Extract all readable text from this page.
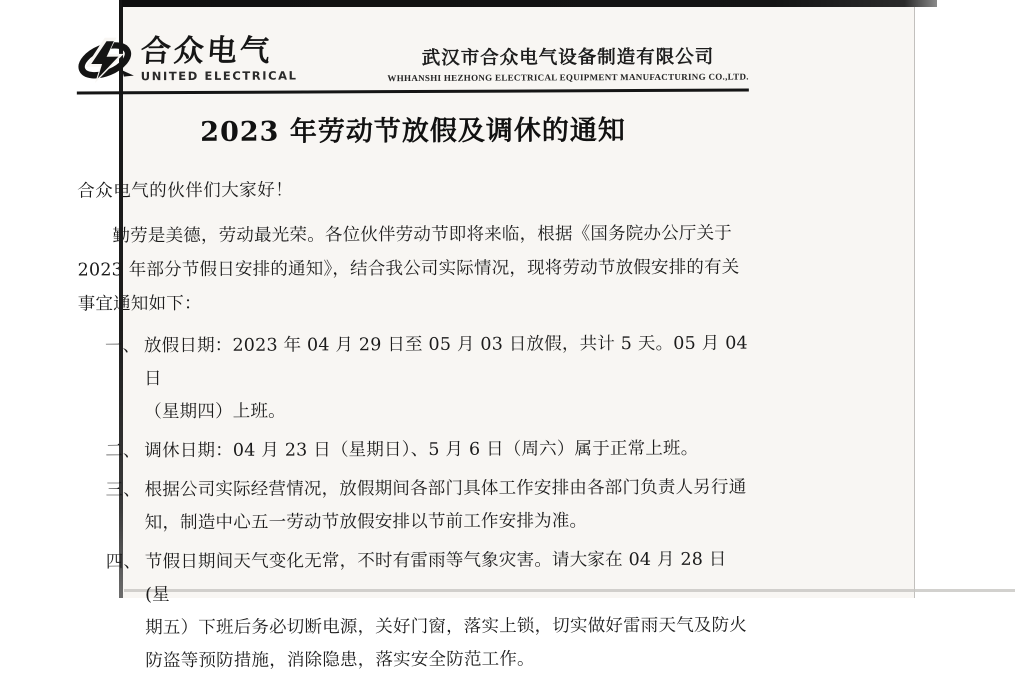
合众电气
UNITED ELECTRICAL
武汉市合众电气设备制造有限公司
WHHANSHI HEZHONG ELECTRICAL EQUIPMENT MANUFACTURING CO.,LTD.
2023 年劳动节放假及调休的通知
合众电气的伙伴们大家好！
勤劳是美德，劳动最光荣。各位伙伴劳动节即将来临，根据《国务院办公厅关于
2023 年部分节假日安排的通知》，结合我公司实际情况，现将劳动节放假安排的有关
事宜通知如下：
一、 放假日期：2023 年 04 月 29 日至 05 月 03 日放假，共计 5 天。05 月 04 日
（星期四）上班。
二、 调休日期：04 月 23 日（星期日）、5 月 6 日（周六）属于正常上班。
三、 根据公司实际经营情况，放假期间各部门具体工作安排由各部门负责人另行通
知，制造中心五一劳动节放假安排以节前工作安排为准。
四、 节假日期间天气变化无常，不时有雷雨等气象灾害。请大家在 04 月 28 日(星
期五）下班后务必切断电源，关好门窗，落实上锁，切实做好雷雨天气及防火
防盗等预防措施，消除隐患，落实安全防范工作。
